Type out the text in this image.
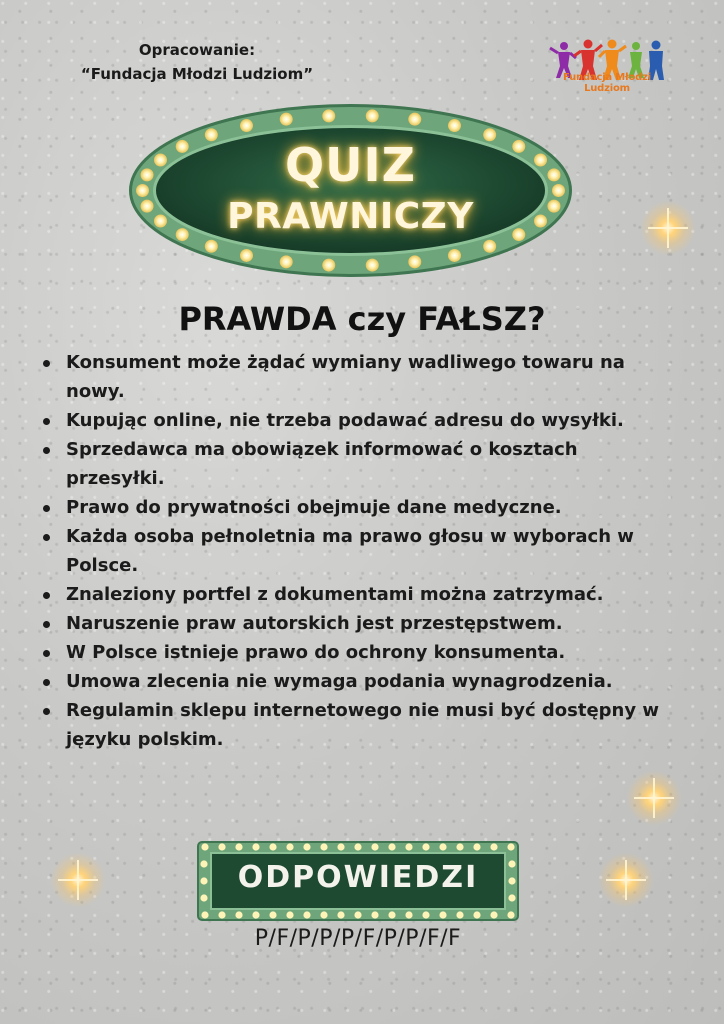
Opracowanie:
“Fundacja Młodzi Ludziom”	Fundacja Młodzi Ludziom
QUIZ
PRAWNICZY
PRAWDA czy FAŁSZ?
Konsument może żądać wymiany wadliwego towaru na nowy.
Kupując online, nie trzeba podawać adresu do wysyłki.
Sprzedawca ma obowiązek informować o kosztach przesyłki.
Prawo do prywatności obejmuje dane medyczne.
Każda osoba pełnoletnia ma prawo głosu w wyborach w Polsce.
Znaleziony portfel z dokumentami można zatrzymać.
Naruszenie praw autorskich jest przestępstwem.
W Polsce istnieje prawo do ochrony konsumenta.
Umowa zlecenia nie wymaga podania wynagrodzenia.
Regulamin sklepu internetowego nie musi być dostępny w języku polskim.
ODPOWIEDZI
P/F/P/P/P/F/P/P/F/F
